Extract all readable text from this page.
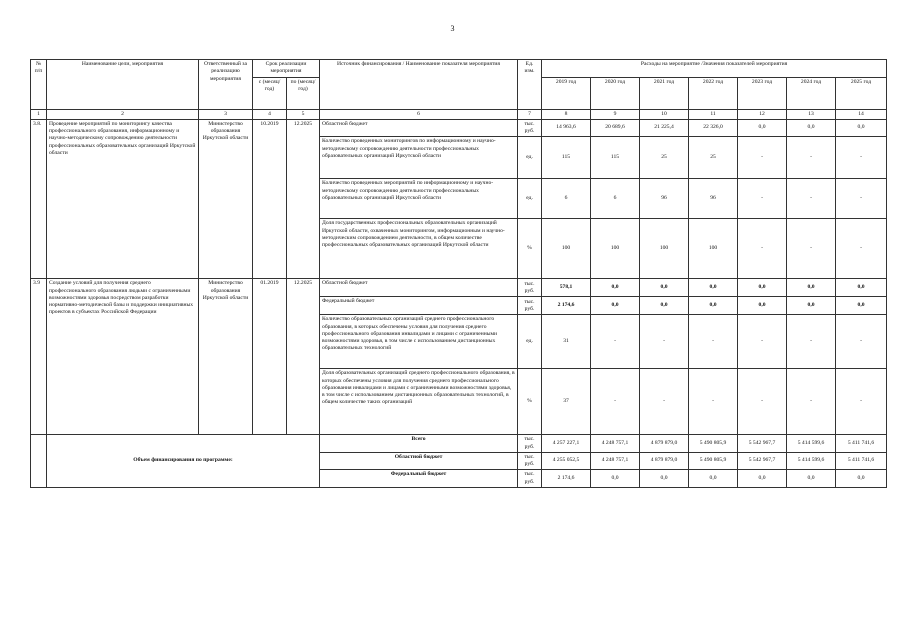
3
№ п/п	Наименование цели, мероприятия	Ответственный за реализацию мероприятия	Срок реализации мероприятия		Источник финансирования / Наименование показателя мероприятия	Ед. изм.	Расходы на мероприятие /Значения показателей мероприятия						
			с (месяц/год)	по (месяц/год)			2019 год	2020 год	2021 год	2022 год	2023 год	2024 год	2025 год
1	2	3	4	5	6	7	8	9	10	11	12	13	14
3.8.	Проведение мероприятий по мониторингу качества профессионального образования, информационному и научно-методическому сопровождению деятельности профессиональных образовательных организаций Иркутской области	Министерство образования Иркутской области	10.2019	12.2025	Областной бюджет	тыс. руб.	14 963,6	20 689,6	21 225,4	22 326,0	0,0	0,0	0,0
					Количество проведенных мониторингов по информационному и научно-методическому сопровождению деятельности профессиональных образовательных организаций Иркутской области	ед.	115	115	25	25	-	-	-
					Количество проведенных мероприятий по информационному и научно-методическому сопровождению деятельности профессиональных образовательных организаций Иркутской области	ед.	6	6	96	96	-	-	-
					Доля государственных профессиональных образовательных организаций Иркутской области, охваченных мониторингом, информационным и научно-методическим сопровождением деятельности, в общем количестве профессиональных образовательных организаций Иркутской области	%	100	100	100	100	-	-	-
3.9	Создание условий для получения среднего профессионального образования людьми с ограниченными возможностями здоровья посредством разработки нормативно-методической базы и поддержки инициативных проектов в субъектах Российской Федерации	Министерство образования Иркутской области	01.2019	12.2025	Областной бюджет	тыс. руб.	578,1	0,0	0,0	0,0	0,0	0,0	0,0
					Федеральный бюджет	тыс. руб.	2 174,6	0,0	0,0	0,0	0,0	0,0	0,0
					Количество образовательных организаций среднего профессионального образования, в которых обеспечены условия для получения среднего профессионального образования инвалидами и лицами с ограниченными возможностями здоровья, в том числе с использованием дистанционных образовательных технологий	ед.	31	-	-	-	-	-	-
					Доля образовательных организаций среднего профессионального образования, в которых обеспечены условия для получения среднего профессионального образования инвалидами и лицами с ограниченными возможностями здоровья, в том числе с использованием дистанционных образовательных технологий, в общем количестве таких организаций	%	37	-	-	-	-	-	-
	Объем финансирования по программе:				Всего	тыс. руб.	4 257 227,1	4 248 757,1	4 879 879,0	5 490 805,9	5 542 967,7	5 414 599,6	5 411 741,6
					Областной бюджет	тыс. руб.	4 255 052,5	4 248 757,1	4 879 879,0	5 490 805,9	5 542 967,7	5 414 599,6	5 411 741,6
					Федеральный бюджет	тыс. руб.	2 174,6	0,0	0,0	0,0	0,0	0,0	0,0
